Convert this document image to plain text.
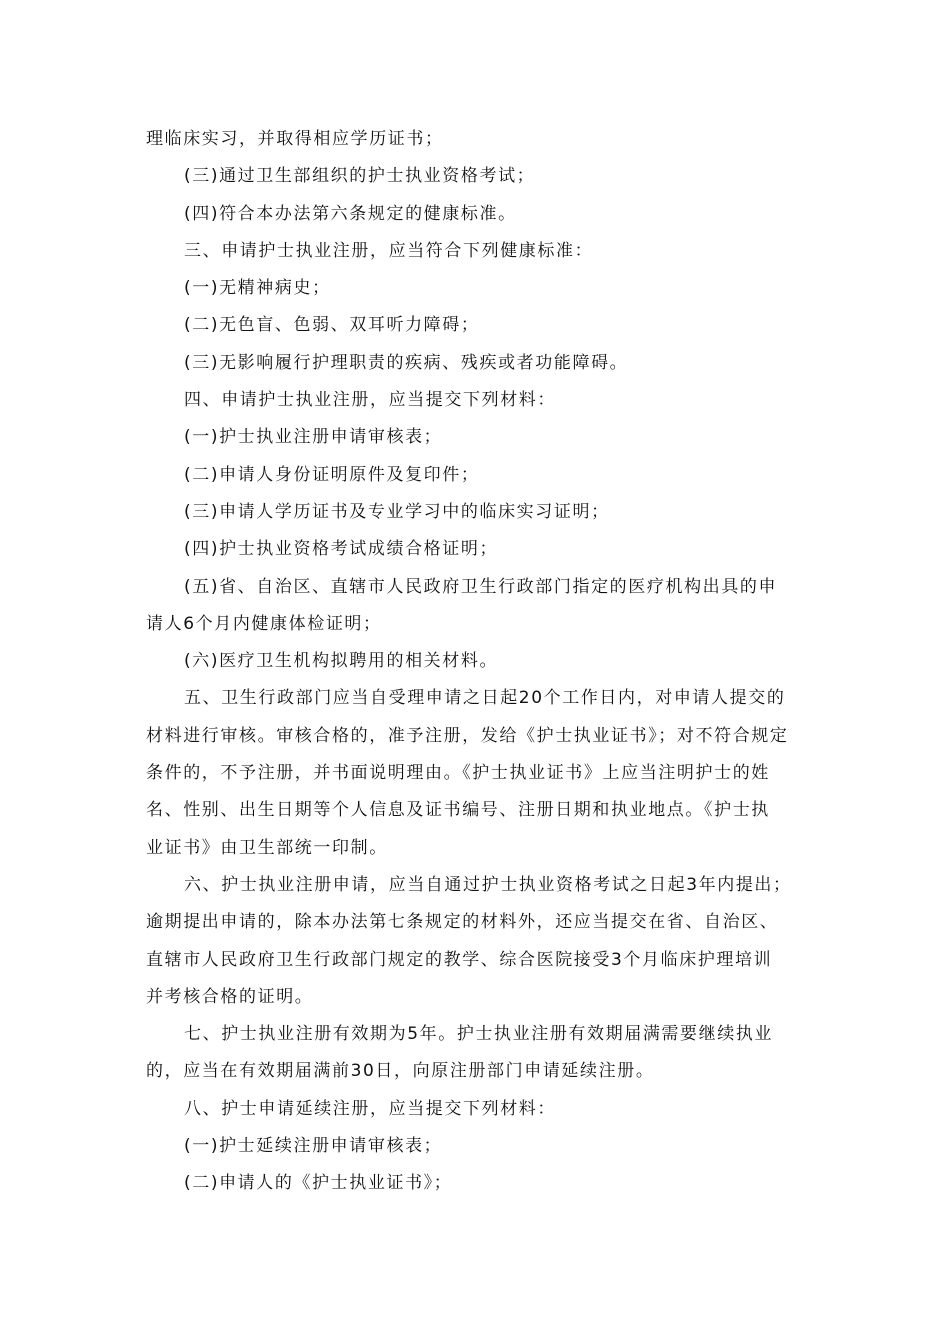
理临床实习，并取得相应学历证书；
(三)通过卫生部组织的护士执业资格考试；
(四)符合本办法第六条规定的健康标准。
三、申请护士执业注册，应当符合下列健康标准：
(一)无精神病史；
(二)无色盲、色弱、双耳听力障碍；
(三)无影响履行护理职责的疾病、残疾或者功能障碍。
四、申请护士执业注册，应当提交下列材料：
(一)护士执业注册申请审核表；
(二)申请人身份证明原件及复印件；
(三)申请人学历证书及专业学习中的临床实习证明；
(四)护士执业资格考试成绩合格证明；
(五)省、自治区、直辖市人民政府卫生行政部门指定的医疗机构出具的申
请人6个月内健康体检证明；
(六)医疗卫生机构拟聘用的相关材料。
五、卫生行政部门应当自受理申请之日起20个工作日内，对申请人提交的
材料进行审核。审核合格的，准予注册，发给《护士执业证书》；对不符合规定
条件的，不予注册，并书面说明理由。《护士执业证书》上应当注明护士的姓
名、性别、出生日期等个人信息及证书编号、注册日期和执业地点。《护士执
业证书》由卫生部统一印制。
六、护士执业注册申请，应当自通过护士执业资格考试之日起3年内提出；
逾期提出申请的，除本办法第七条规定的材料外，还应当提交在省、自治区、
直辖市人民政府卫生行政部门规定的教学、综合医院接受3个月临床护理培训
并考核合格的证明。
七、护士执业注册有效期为5年。护士执业注册有效期届满需要继续执业
的，应当在有效期届满前30日，向原注册部门申请延续注册。
八、护士申请延续注册，应当提交下列材料：
(一)护士延续注册申请审核表；
(二)申请人的《护士执业证书》；
